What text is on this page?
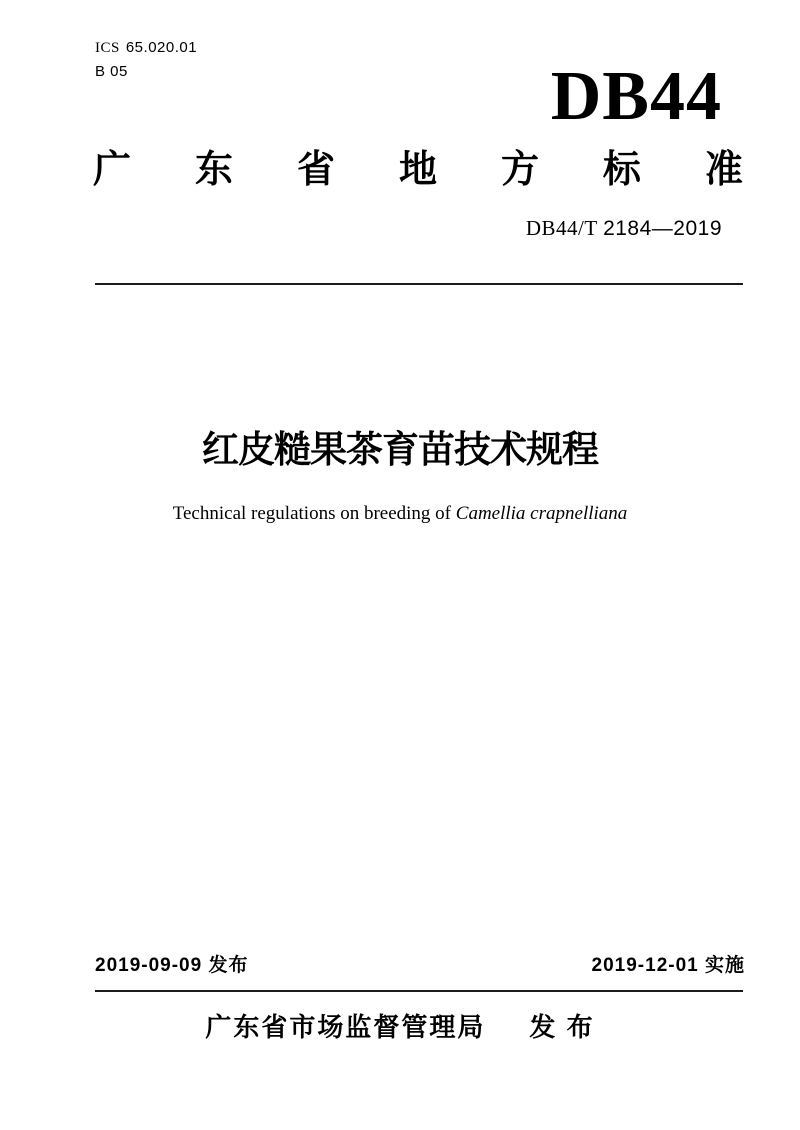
ICS 65.020.01
B 05	DB44
广 东 省 地 方 标 准
DB44/T 2184—2019
红皮糙果茶育苗技术规程
Technical regulations on breeding of Camellia crapnelliana
2019-09-09 发布	2019-12-01 实施
广东省市场监督管理局 发 布
